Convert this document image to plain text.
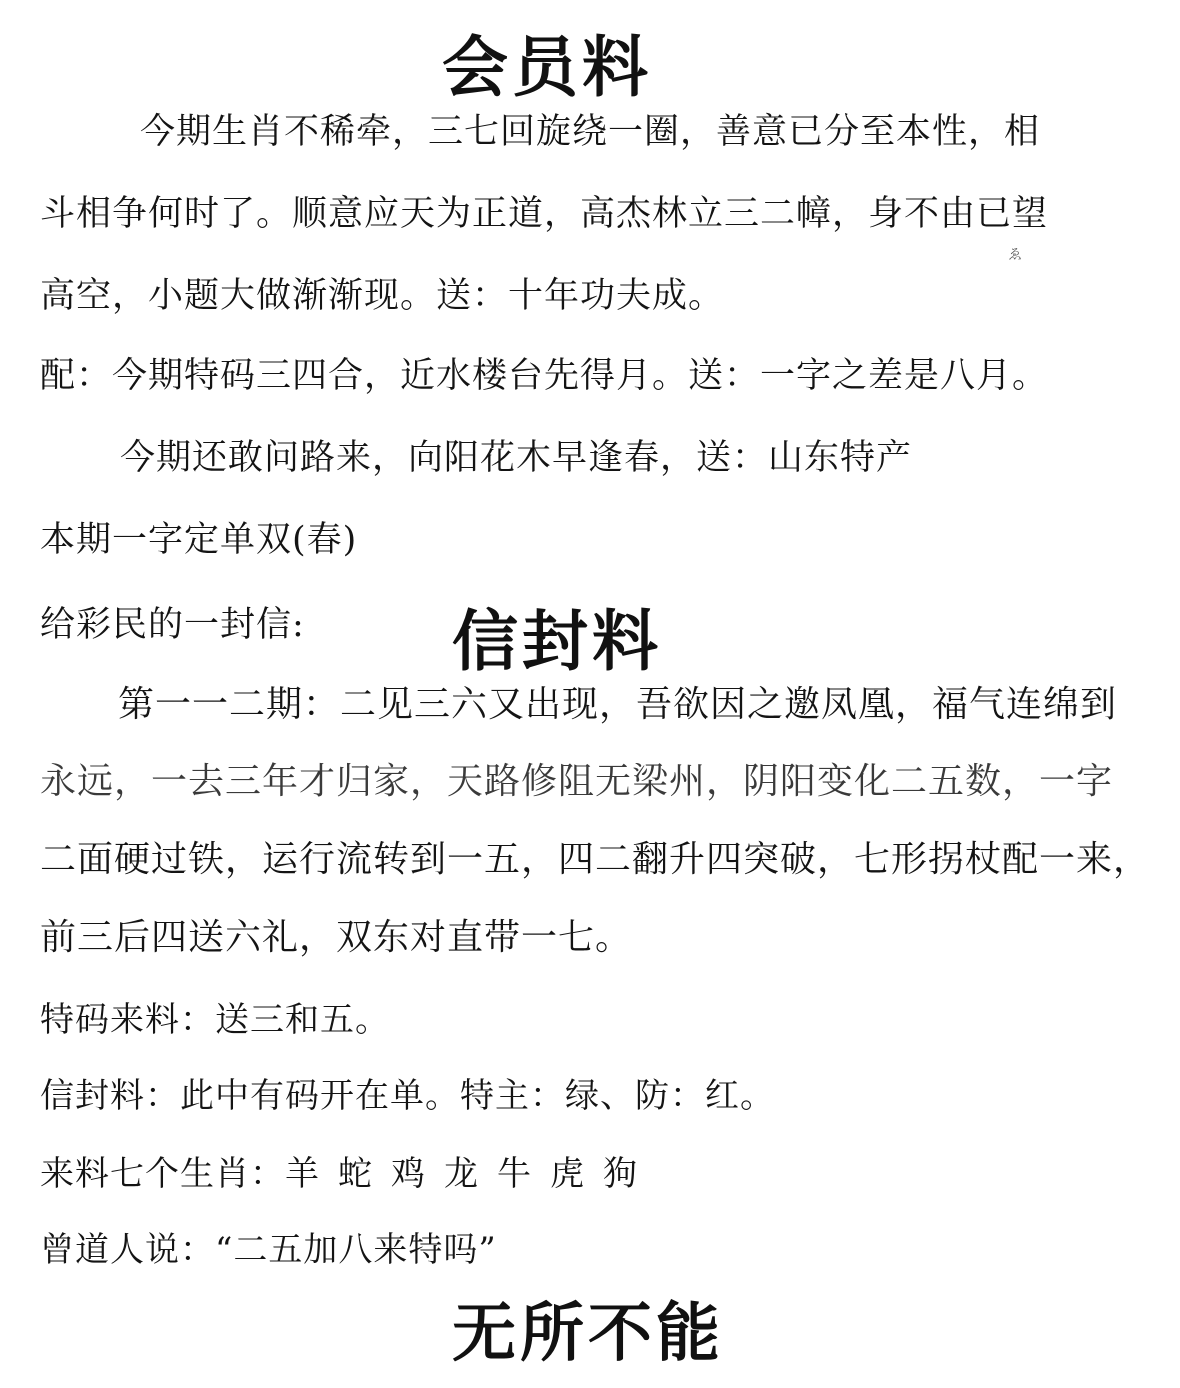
会员料
今期生肖不稀牵，三七回旋绕一圈，善意已分至本性，相
斗相争何时了。顺意应天为正道，高杰林立三二幛，身不由已望
ゑ
高空，小题大做渐渐现。送：十年功夫成。
配：今期特码三四合，近水楼台先得月。送：一字之差是八月。
今期还敢问路来，向阳花木早逢春，送：山东特产
本期一字定单双(春)
给彩民的一封信: 信封料
第一一二期：二见三六又出现，吾欲因之邀凤凰，福气连绵到
永远，一去三年才归家，天路修阻无梁州，阴阳变化二五数，一字
二面硬过铁，运行流转到一五，四二翻升四突破，七形拐杖配一来，
前三后四送六礼，双东对直带一七。
特码来料：送三和五。
信封料：此中有码开在单。特主：绿、防：红。
来料七个生肖：羊 蛇 鸡 龙 牛 虎 狗
曾道人说：“二五加八来特吗”
无所不能
